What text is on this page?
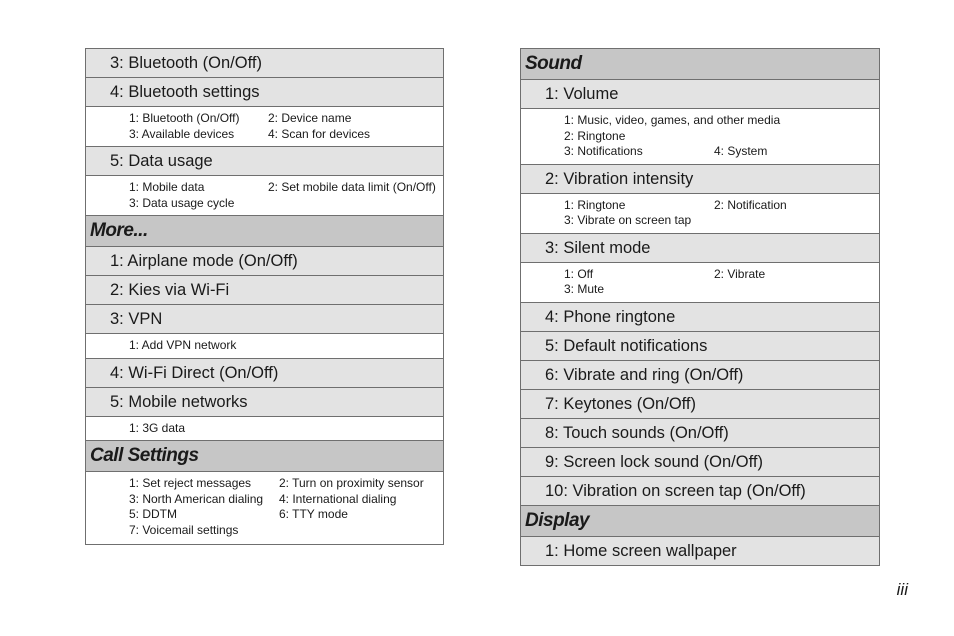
3: Bluetooth (On/Off)
4: Bluetooth settings
1: Bluetooth (On/Off)	2: Device name
3: Available devices	4: Scan for devices
5: Data usage
1: Mobile data	2: Set mobile data limit (On/Off)
3: Data usage cycle
More...
1: Airplane mode (On/Off)
2: Kies via Wi-Fi
3: VPN
1: Add VPN network
4: Wi-Fi Direct (On/Off)
5: Mobile networks
1: 3G data
Call Settings
1: Set reject messages	2: Turn on proximity sensor
3: North American dialing	4: International dialing
5: DDTM	6: TTY mode
7: Voicemail settings
Sound
1: Volume
1: Music, video, games, and other media
2: Ringtone
3: Notifications	4: System
2: Vibration intensity
1: Ringtone	2: Notification
3: Vibrate on screen tap
3: Silent mode
1: Off	2: Vibrate
3: Mute
4: Phone ringtone
5: Default notifications
6: Vibrate and ring (On/Off)
7: Keytones (On/Off)
8: Touch sounds (On/Off)
9: Screen lock sound (On/Off)
10: Vibration on screen tap (On/Off)
Display
1: Home screen wallpaper
iii
